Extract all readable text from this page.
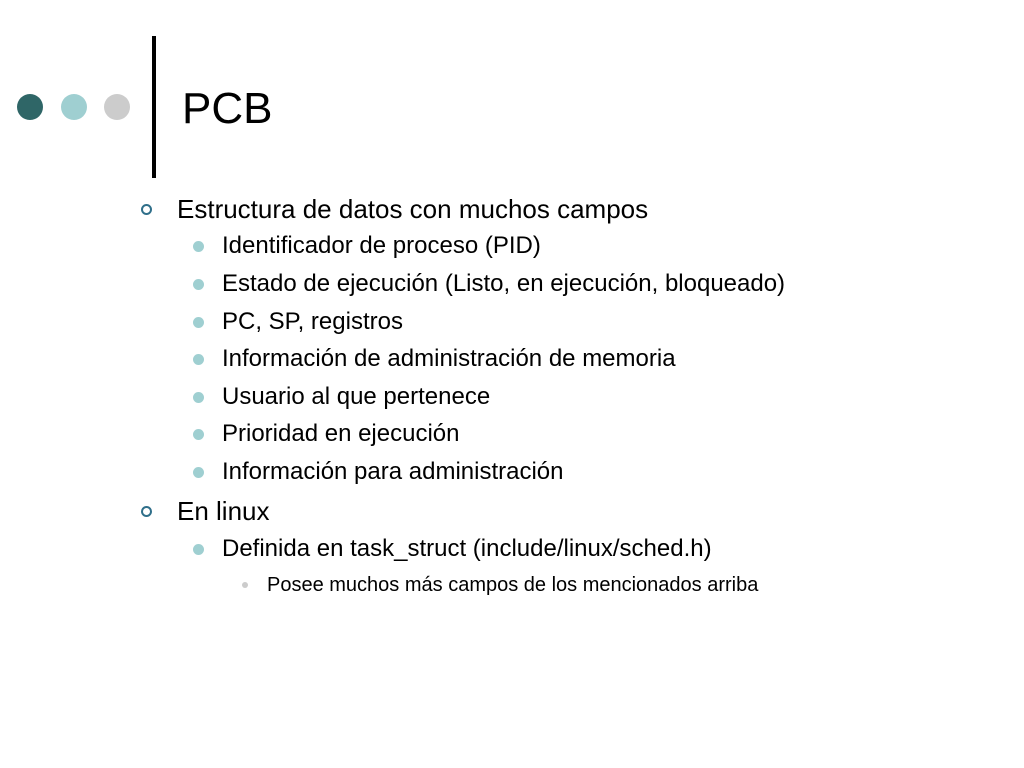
PCB
Estructura de datos con muchos campos
Identificador de proceso (PID)
Estado de ejecución (Listo, en ejecución, bloqueado)
PC, SP, registros
Información de administración de memoria
Usuario al que pertenece
Prioridad en ejecución
Información para administración
En linux
Definida en task_struct (include/linux/sched.h)
Posee muchos más campos de los mencionados arriba
